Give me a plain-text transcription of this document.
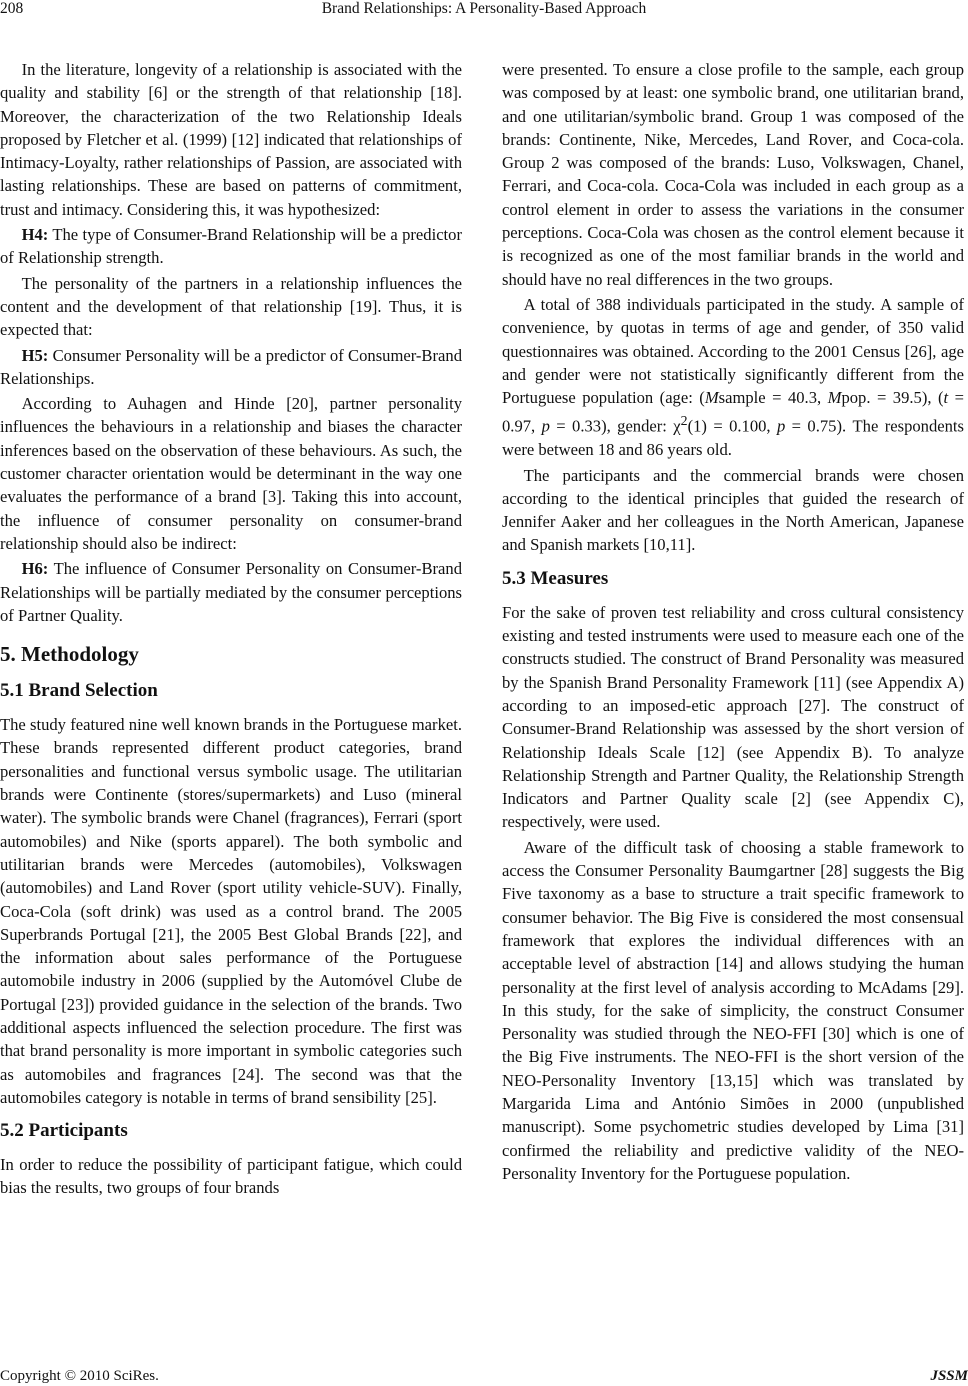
208	Brand Relationships: A Personality-Based Approach

In the literature, longevity of a relationship is associated with the quality and stability [6] or the strength of that relationship [18]. Moreover, the characterization of the two Relationship Ideals proposed by Fletcher et al. (1999) [12] indicated that relationships of Intimacy-Loyalty, rather relationships of Passion, are associated with lasting relationships. These are based on patterns of commitment, trust and intimacy. Considering this, it was hypothesized:

H4: The type of Consumer-Brand Relationship will be a predictor of Relationship strength.

The personality of the partners in a relationship influences the content and the development of that relationship [19]. Thus, it is expected that:

H5: Consumer Personality will be a predictor of Consumer-Brand Relationships.

According to Auhagen and Hinde [20], partner personality influences the behaviours in a relationship and biases the character inferences based on the observation of these behaviours. As such, the customer character orientation would be determinant in the way one evaluates the performance of a brand [3]. Taking this into account, the influence of consumer personality on consumer-brand relationship should also be indirect:

H6: The influence of Consumer Personality on Consumer-Brand Relationships will be partially mediated by the consumer perceptions of Partner Quality.

5. Methodology
5.1 Brand Selection

The study featured nine well known brands in the Portuguese market. These brands represented different product categories, brand personalities and functional versus symbolic usage. The utilitarian brands were Continente (stores/supermarkets) and Luso (mineral water). The symbolic brands were Chanel (fragrances), Ferrari (sport automobiles) and Nike (sports apparel). The both symbolic and utilitarian brands were Mercedes (automobiles), Volkswagen (automobiles) and Land Rover (sport utility vehicle-SUV). Finally, Coca-Cola (soft drink) was used as a control brand. The 2005 Superbrands Portugal [21], the 2005 Best Global Brands [22], and the information about sales performance of the Portuguese automobile industry in 2006 (supplied by the Automóvel Clube de Portugal [23]) provided guidance in the selection of the brands. Two additional aspects influenced the selection procedure. The first was that brand personality is more important in symbolic categories such as automobiles and fragrances [24]. The second was that the automobiles category is notable in terms of brand sensibility [25].

5.2 Participants

In order to reduce the possibility of participant fatigue, which could bias the results, two groups of four brands

were presented. To ensure a close profile to the sample, each group was composed by at least: one symbolic brand, one utilitarian brand, and one utilitarian/symbolic brand. Group 1 was composed of the brands: Continente, Nike, Mercedes, Land Rover, and Coca-cola. Group 2 was composed of the brands: Luso, Volkswagen, Chanel, Ferrari, and Coca-cola. Coca-Cola was included in each group as a control element in order to assess the variations in the consumer perceptions. Coca-Cola was chosen as the control element because it is recognized as one of the most familiar brands in the world and should have no real differences in the two groups.

A total of 388 individuals participated in the study. A sample of convenience, by quotas in terms of age and gender, of 350 valid questionnaires was obtained. According to the 2001 Census [26], age and gender were not statistically significantly different from the Portuguese population (age: (Msample = 40.3, Mpop. = 39.5), (t = 0.97, p = 0.33), gender: $\chi^2(1) = 0.100$, p = 0.75). The respondents were between 18 and 86 years old.

The participants and the commercial brands were chosen according to the identical principles that guided the research of Jennifer Aaker and her colleagues in the North American, Japanese and Spanish markets [10,11].

5.3 Measures

For the sake of proven test reliability and cross cultural consistency existing and tested instruments were used to measure each one of the constructs studied. The construct of Brand Personality was measured by the Spanish Brand Personality Framework [11] (see Appendix A) according to an imposed-etic approach [27]. The construct of Consumer-Brand Relationship was assessed by the short version of Relationship Ideals Scale [12] (see Appendix B). To analyze Relationship Strength and Partner Quality, the Relationship Strength Indicators and Partner Quality scale [2] (see Appendix C), respectively, were used.

Aware of the difficult task of choosing a stable framework to access the Consumer Personality Baumgartner [28] suggests the Big Five taxonomy as a base to structure a trait specific framework to consumer behavior. The Big Five is considered the most consensual framework that explores the individual differences with an acceptable level of abstraction [14] and allows studying the human personality at the first level of analysis according to McAdams [29]. In this study, for the sake of simplicity, the construct Consumer Personality was studied through the NEO-FFI [30] which is one of the Big Five instruments. The NEO-FFI is the short version of the NEO-Personality Inventory [13,15] which was translated by Margarida Lima and António Simões in 2000 (unpublished manuscript). Some psychometric studies developed by Lima [31] confirmed the reliability and predictive validity of the NEO-Personality Inventory for the Portuguese population.

Copyright © 2010 SciRes.	JSSM
